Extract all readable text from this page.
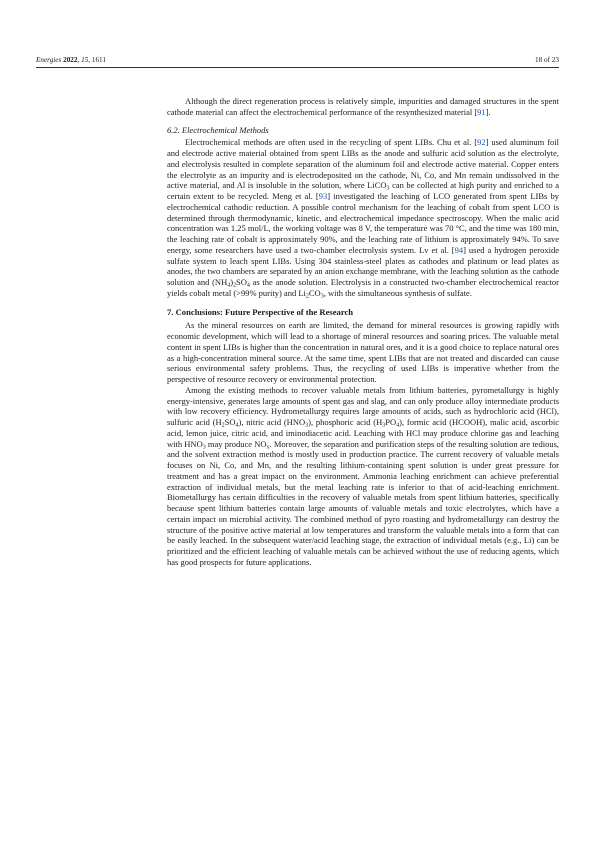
Energies 2022, 15, 1611	18 of 23

Although the direct regeneration process is relatively simple, impurities and damaged structures in the spent cathode material can affect the electrochemical performance of the resynthesized material [91].

6.2. Electrochemical Methods

Electrochemical methods are often used in the recycling of spent LIBs. Chu et al. [92] used aluminum foil and electrode active material obtained from spent LIBs as the anode and sulfuric acid solution as the electrolyte, and electrolysis resulted in complete separation of the aluminum foil and electrode active material. Copper enters the electrolyte as an impurity and is electrodeposited on the cathode, Ni, Co, and Mn remain undissolved in the active material, and Al is insoluble in the solution, where LiCO$_3$ can be collected at high purity and enriched to a certain extent to be recycled. Meng et al. [93] investigated the leaching of LCO generated from spent LIBs by electrochemical cathodic reduction. A possible control mechanism for the leaching of cobalt from spent LCO is determined through thermodynamic, kinetic, and electrochemical impedance spectroscopy. When the malic acid concentration was 1.25 mol/L, the working voltage was 8 V, the temperature was 70 °C, and the time was 180 min, the leaching rate of cobalt is approximately 90%, and the leaching rate of lithium is approximately 94%. To save energy, some researchers have used a two-chamber electrolysis system. Lv et al. [94] used a hydrogen peroxide sulfate system to leach spent LIBs. Using 304 stainless-steel plates as cathodes and platinum or lead plates as anodes, the two chambers are separated by an anion exchange membrane, with the leaching solution as the cathode solution and $(NH_4)_2SO_4$ as the anode solution. Electrolysis in a constructed two-chamber electrochemical reactor yields cobalt metal (>99% purity) and $Li_2CO_3$, with the simultaneous synthesis of sulfate.

7. Conclusions: Future Perspective of the Research

As the mineral resources on earth are limited, the demand for mineral resources is growing rapidly with economic development, which will lead to a shortage of mineral resources and soaring prices. The valuable metal content in spent LIBs is higher than the concentration in natural ores, and it is a good choice to replace natural ores as a high-concentration mineral source. At the same time, spent LIBs that are not treated and discarded can cause serious environmental safety problems. Thus, the recycling of used LIBs is imperative whether from the perspective of resource recovery or environmental protection.

Among the existing methods to recover valuable metals from lithium batteries, pyrometallurgy is highly energy-intensive, generates large amounts of spent gas and slag, and can only produce alloy intermediate products with low recovery efficiency. Hydrometallurgy requires large amounts of acids, such as hydrochloric acid (HCl), sulfuric acid $(H_2SO_4)$, nitric acid $(HNO_3)$, phosphoric acid $(H_3PO_4)$, formic acid (HCOOH), malic acid, ascorbic acid, lemon juice, citric acid, and iminodiacetic acid. Leaching with HCl may produce chlorine gas and leaching with $HNO_3$ may produce $NO_x$. Moreover, the separation and purification steps of the resulting solution are tedious, and the solvent extraction method is mostly used in production practice. The current recovery of valuable metals focuses on Ni, Co, and Mn, and the resulting lithium-containing spent solution is under great pressure for treatment and has a great impact on the environment. Ammonia leaching enrichment can achieve preferential extraction of individual metals, but the metal leaching rate is inferior to that of acid-leaching enrichment. Biometallurgy has certain difficulties in the recovery of valuable metals from spent lithium batteries, specifically because spent lithium batteries contain large amounts of valuable metals and toxic electrolytes, which have a certain impact on microbial activity. The combined method of pyro roasting and hydrometallurgy can destroy the structure of the positive active material at low temperatures and transform the valuable metals into a form that can be easily leached. In the subsequent water/acid leaching stage, the extraction of individual metals (e.g., Li) can be prioritized and the efficient leaching of valuable metals can be achieved without the use of reducing agents, which has good prospects for future applications.
